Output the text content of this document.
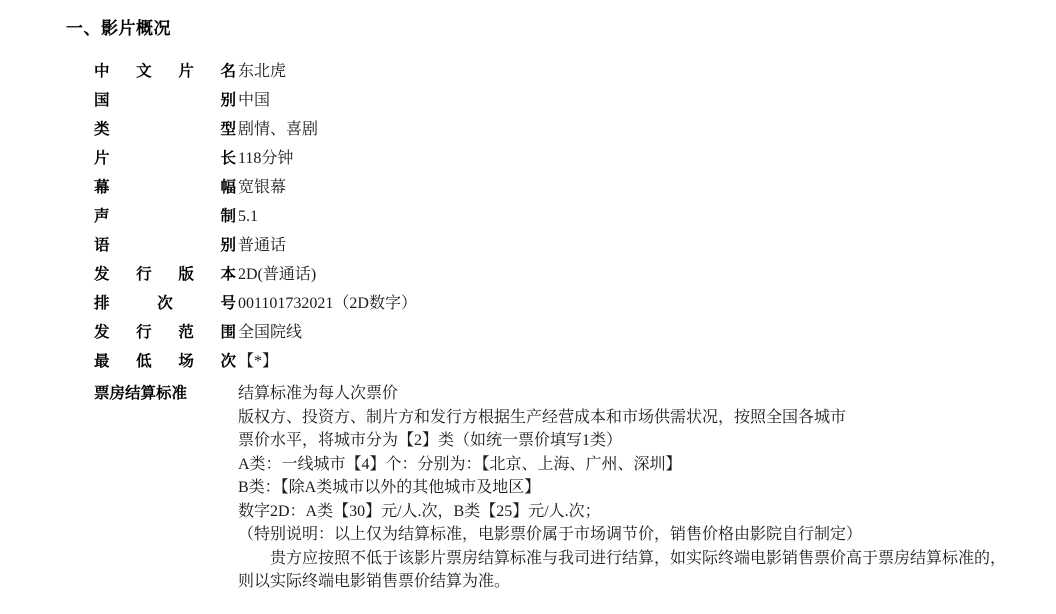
一、影片概况
中 文 片 名 东北虎
国	别 中国
类	型 剧情、喜剧
片	长 118分钟
幕	幅 宽银幕
声	制 5.1
语	别 普通话
发 行 版 本 2D(普通话)
排	次	号 001101732021（2D数字）
发 行 范 围 全国院线
最 低 场 次 【*】
票房结算标准	结算标准为每人次票价

版权方、投资方、制片方和发行方根据生产经营成本和市场供需状况，按照全国各城市

票价水平，将城市分为【2】类（如统一票价填写1类）

A类：一线城市【4】个：分别为：【北京、上海、广州、深圳】

B类：【除A类城市以外的其他城市及地区】

数字2D：A类【30】元/人.次，B类【25】元/人.次；

（特别说明：以上仅为结算标准，电影票价属于市场调节价，销售价格由影院自行制定）

贵方应按照不低于该影片票房结算标准与我司进行结算，如实际终端电影销售票价高于票房结算标准的，则以实际终端电影销售票价结算为准。
